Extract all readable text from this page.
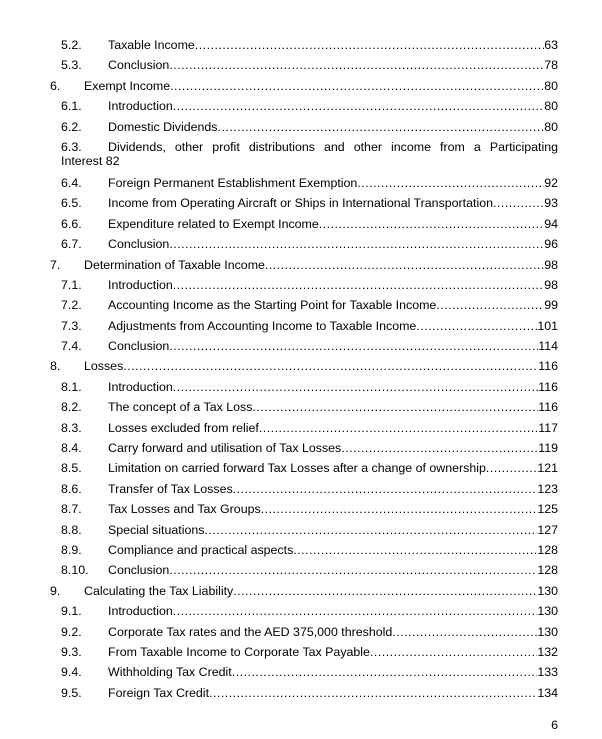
5.2. Taxable Income .....	63
5.3. Conclusion .....	78
6. Exempt Income .....	80
6.1. Introduction .....	80
6.2. Domestic Dividends .....	80
6.3. Dividends, other profit distributions and other income from a Participating
Interest 82
6.4. Foreign Permanent Establishment Exemption .....	92
6.5. Income from Operating Aircraft or Ships in International Transportation .....	93
6.6. Expenditure related to Exempt Income .....	94
6.7. Conclusion .....	96
7. Determination of Taxable Income .....	98
7.1. Introduction .....	98
7.2. Accounting Income as the Starting Point for Taxable Income .....	99
7.3. Adjustments from Accounting Income to Taxable Income .....	101
7.4. Conclusion .....	114
8. Losses .....	116
8.1. Introduction .....	116
8.2. The concept of a Tax Loss .....	116
8.3. Losses excluded from relief .....	117
8.4. Carry forward and utilisation of Tax Losses .....	119
8.5. Limitation on carried forward Tax Losses after a change of ownership .....	121
8.6. Transfer of Tax Losses .....	123
8.7. Tax Losses and Tax Groups .....	125
8.8. Special situations .....	127
8.9. Compliance and practical aspects .....	128
8.10. Conclusion .....	128
9. Calculating the Tax Liability .....	130
9.1. Introduction .....	130
9.2. Corporate Tax rates and the AED 375,000 threshold .....	130
9.3. From Taxable Income to Corporate Tax Payable .....	132
9.4. Withholding Tax Credit .....	133
9.5. Foreign Tax Credit .....	134
6
